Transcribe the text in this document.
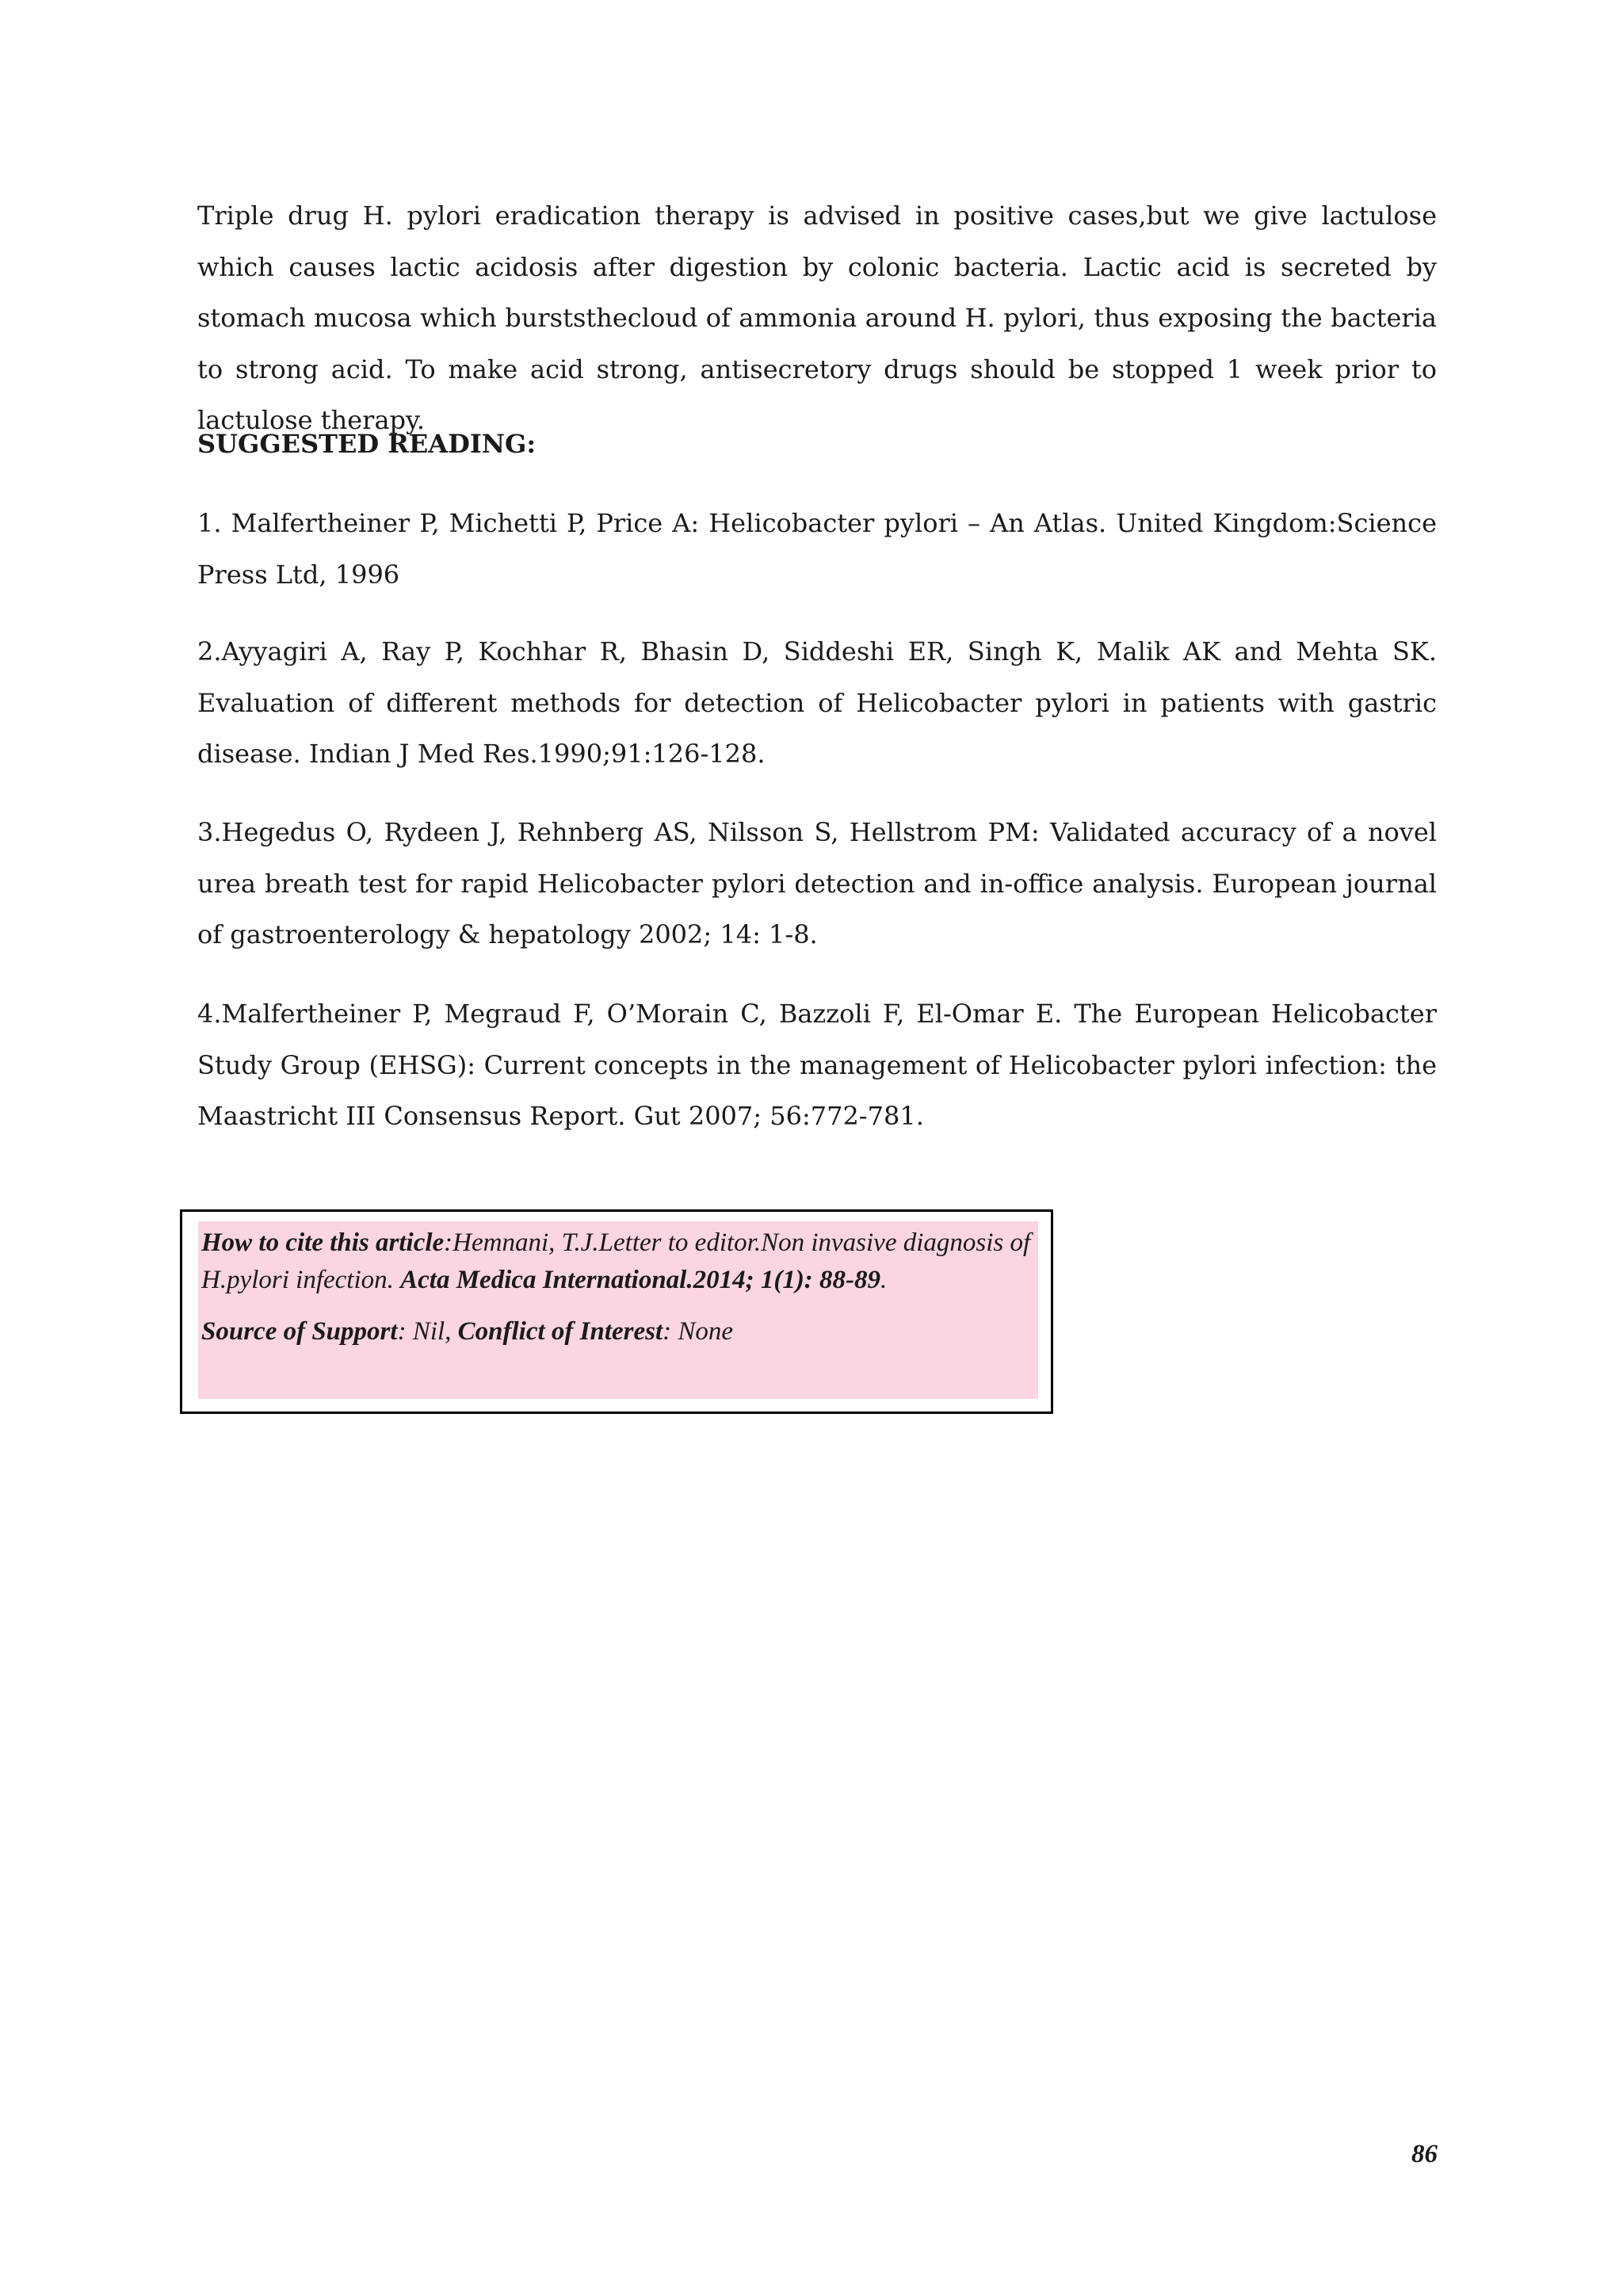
Triple drug H. pylori eradication therapy is advised in positive cases,but we give lactulose which causes lactic acidosis after digestion by colonic bacteria. Lactic acid is secreted by stomach mucosa which burststhecloud of ammonia around H. pylori, thus exposing the bacteria to strong acid. To make acid strong, antisecretory drugs should be stopped 1 week prior to lactulose therapy.

SUGGESTED READING:

1. Malfertheiner P, Michetti P, Price A: Helicobacter pylori – An Atlas. United Kingdom:Science Press Ltd, 1996

2.Ayyagiri A, Ray P, Kochhar R, Bhasin D, Siddeshi ER, Singh K, Malik AK and Mehta SK. Evaluation of different methods for detection of Helicobacter pylori in patients with gastric disease. Indian J Med Res.1990;91:126-128.

3.Hegedus O, Rydeen J, Rehnberg AS, Nilsson S, Hellstrom PM: Validated accuracy of a novel urea breath test for rapid Helicobacter pylori detection and in-office analysis. European journal of gastroenterology & hepatology 2002; 14: 1-8.

4.Malfertheiner P, Megraud F, O’Morain C, Bazzoli F, El-Omar E. The European Helicobacter Study Group (EHSG): Current concepts in the management of Helicobacter pylori infection: the Maastricht III Consensus Report. Gut 2007; 56:772-781.

How to cite this article:Hemnani, T.J.Letter to editor.Non invasive diagnosis of H.pylori infection. Acta Medica International.2014; 1(1): 88-89.

Source of Support: Nil, Conflict of Interest: None

86
